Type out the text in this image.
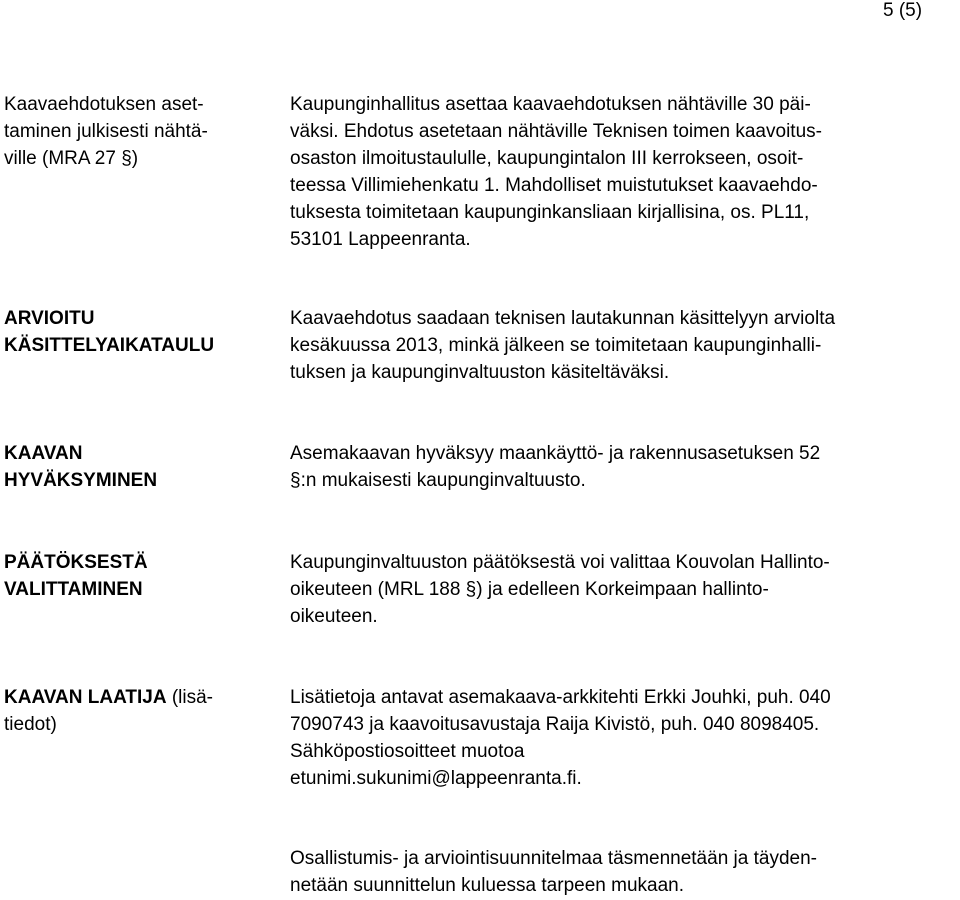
5 (5)
Kaavaehdotuksen aset-
taminen julkisesti nähtä-
ville (MRA 27 §)
Kaupunginhallitus asettaa kaavaehdotuksen nähtäville 30 päi-
väksi. Ehdotus asetetaan nähtäville Teknisen toimen kaavoitus-
osaston ilmoitustaululle, kaupungintalon III kerrokseen, osoit-
teessa Villimiehenkatu 1. Mahdolliset muistutukset kaavaehdo-
tuksesta toimitetaan kaupunginkansliaan kirjallisina, os. PL11,
53101 Lappeenranta.
ARVIOITU
KÄSITTELYAIKATAULU
Kaavaehdotus saadaan teknisen lautakunnan käsittelyyn arviolta
kesäkuussa 2013, minkä jälkeen se toimitetaan kaupunginhalli-
tuksen ja kaupunginvaltuuston käsiteltäväksi.
KAAVAN
HYVÄKSYMINEN
Asemakaavan hyväksyy maankäyttö- ja rakennusasetuksen 52
§:n mukaisesti kaupunginvaltuusto.
PÄÄTÖKSESTÄ
VALITTAMINEN
Kaupunginvaltuuston päätöksestä voi valittaa Kouvolan Hallinto-
oikeuteen (MRL 188 §) ja edelleen Korkeimpaan hallinto-
oikeuteen.
KAAVAN LAATIJA (lisä-
tiedot)
Lisätietoja antavat asemakaava-arkkitehti Erkki Jouhki, puh. 040
7090743 ja kaavoitusavustaja Raija Kivistö, puh. 040 8098405.
Sähköpostiosoitteet muotoa
etunimi.sukunimi@lappeenranta.fi.
Osallistumis- ja arviointisuunnitelmaa täsmennetään ja täyden-
netään suunnittelun kuluessa tarpeen mukaan.
